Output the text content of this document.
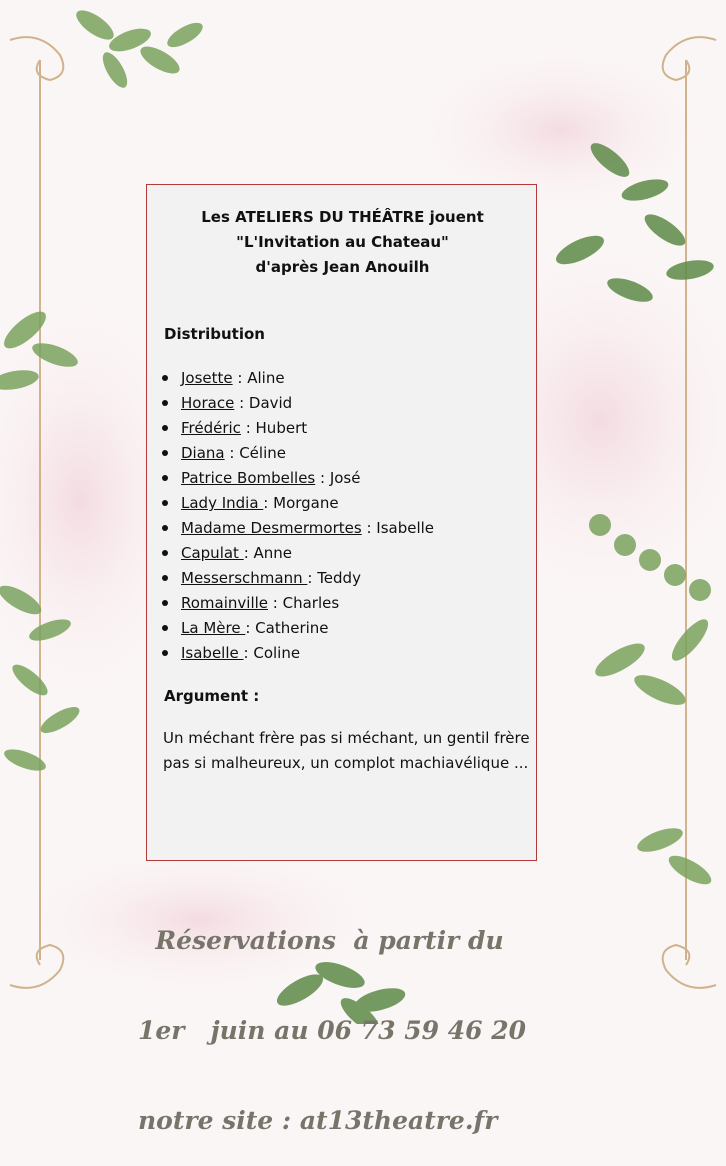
Les ATELIERS DU THÉÂTRE jouent
"L'Invitation au Chateau"
d'après Jean Anouilh
Distribution
Josette : Aline
Horace : David
Frédéric : Hubert
Diana : Céline
Patrice Bombelles : José
Lady India : Morgane
Madame Desmermortes : Isabelle
Capulat : Anne
Messerschmann : Teddy
Romainville : Charles
La Mère : Catherine
Isabelle : Coline
Argument :
Un méchant frère pas si méchant, un gentil frère pas si malheureux, un complot machiavélique ...

Réservations  à partir du

1er   juin au 06 73 59 46 20

notre site : at13theatre.fr
